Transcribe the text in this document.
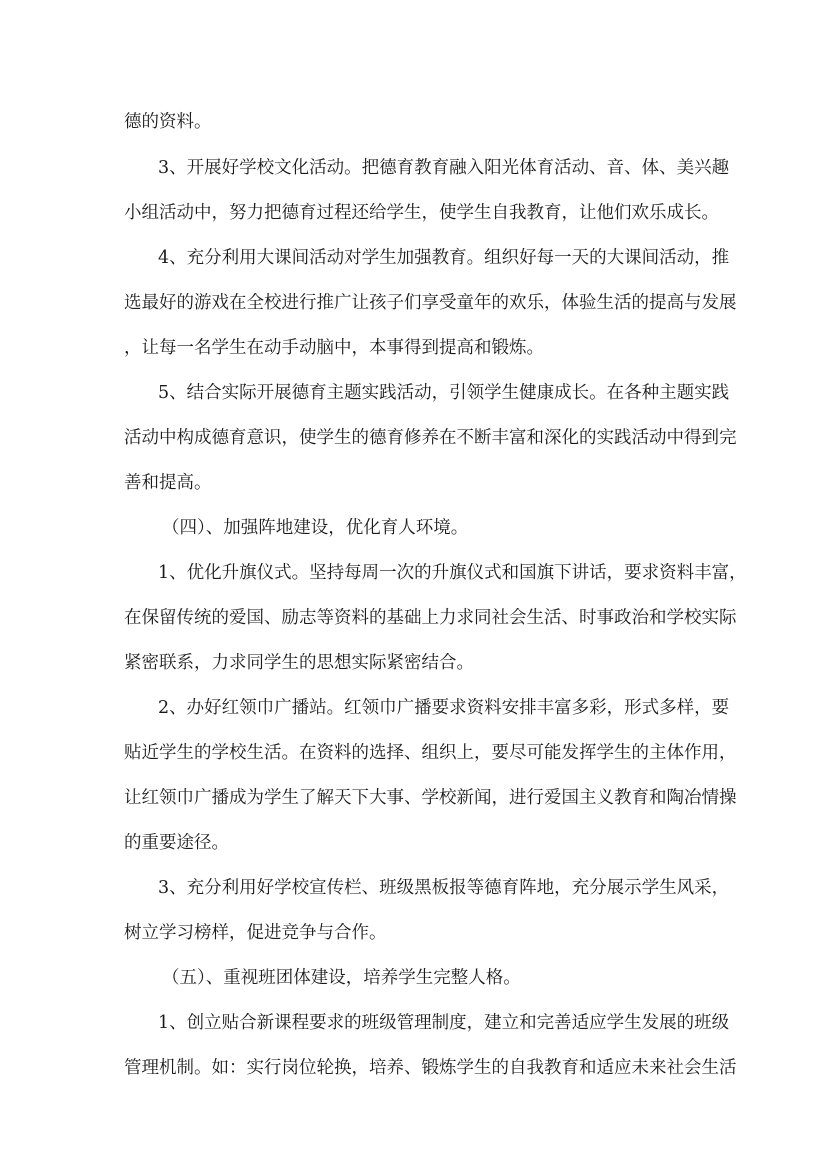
德的资料。
3、开展好学校文化活动。把德育教育融入阳光体育活动、音、体、美兴趣
小组活动中，努力把德育过程还给学生，使学生自我教育，让他们欢乐成长。
4、充分利用大课间活动对学生加强教育。组织好每一天的大课间活动，推
选最好的游戏在全校进行推广让孩子们享受童年的欢乐，体验生活的提高与发展
，让每一名学生在动手动脑中，本事得到提高和锻炼。
5、结合实际开展德育主题实践活动，引领学生健康成长。在各种主题实践
活动中构成德育意识，使学生的德育修养在不断丰富和深化的实践活动中得到完
善和提高。
（四）、加强阵地建设，优化育人环境。
1、优化升旗仪式。坚持每周一次的升旗仪式和国旗下讲话，要求资料丰富，
在保留传统的爱国、励志等资料的基础上力求同社会生活、时事政治和学校实际
紧密联系，力求同学生的思想实际紧密结合。
2、办好红领巾广播站。红领巾广播要求资料安排丰富多彩，形式多样，要
贴近学生的学校生活。在资料的选择、组织上，要尽可能发挥学生的主体作用，
让红领巾广播成为学生了解天下大事、学校新闻，进行爱国主义教育和陶冶情操
的重要途径。
3、充分利用好学校宣传栏、班级黑板报等德育阵地，充分展示学生风采，
树立学习榜样，促进竞争与合作。
（五）、重视班团体建设，培养学生完整人格。
1、创立贴合新课程要求的班级管理制度，建立和完善适应学生发展的班级
管理机制。如：实行岗位轮换，培养、锻炼学生的自我教育和适应未来社会生活
